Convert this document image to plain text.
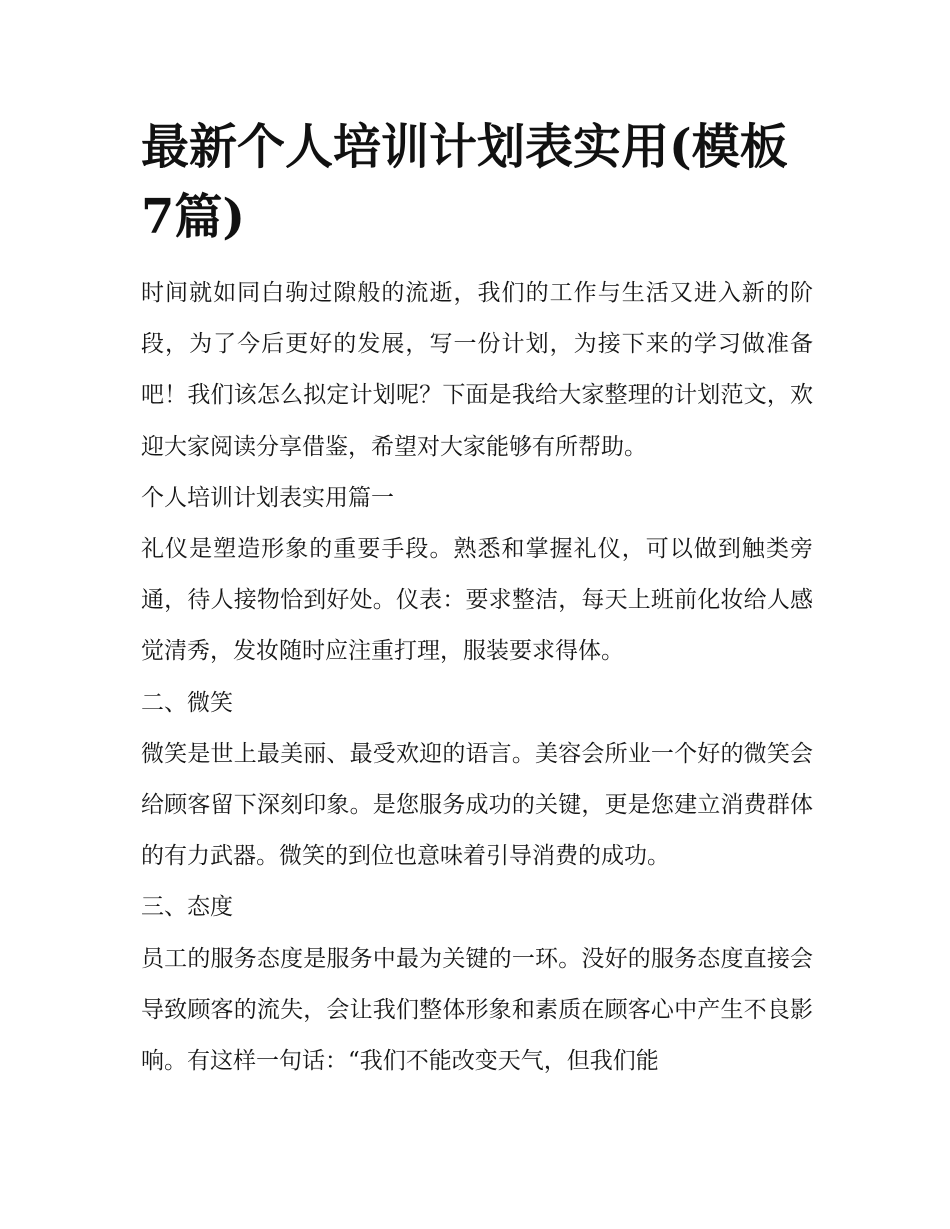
最新个人培训计划表实用(模板7篇)

时间就如同白驹过隙般的流逝，我们的工作与生活又进入新的阶段，为了今后更好的发展，写一份计划，为接下来的学习做准备吧！我们该怎么拟定计划呢？下面是我给大家整理的计划范文，欢迎大家阅读分享借鉴，希望对大家能够有所帮助。

个人培训计划表实用篇一

礼仪是塑造形象的重要手段。熟悉和掌握礼仪，可以做到触类旁通，待人接物恰到好处。仪表：要求整洁，每天上班前化妆给人感觉清秀，发妆随时应注重打理，服装要求得体。

二、微笑

微笑是世上最美丽、最受欢迎的语言。美容会所业一个好的微笑会给顾客留下深刻印象。是您服务成功的关键，更是您建立消费群体的有力武器。微笑的到位也意味着引导消费的成功。

三、态度

员工的服务态度是服务中最为关键的一环。没好的服务态度直接会导致顾客的流失，会让我们整体形象和素质在顾客心中产生不良影响。有这样一句话：“我们不能改变天气，但我们能
